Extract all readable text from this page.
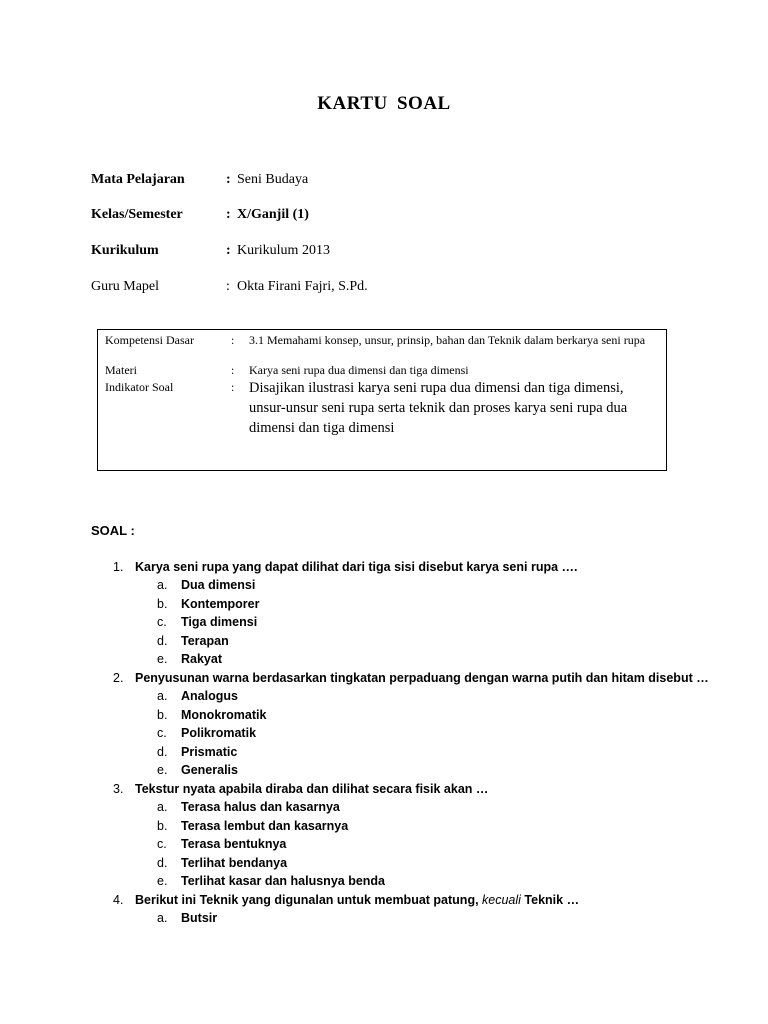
KARTU SOAL
Mata Pelajaran	: Seni Budaya
Kelas/Semester	: X/Ganjil (1)
Kurikulum	: Kurikulum 2013
Guru Mapel	: Okta Firani Fajri, S.Pd.
Kompetensi Dasar	: 3.1 Memahami konsep, unsur, prinsip, bahan dan Teknik dalam berkarya seni rupa
Materi	: Karya seni rupa dua dimensi dan tiga dimensi
Indikator Soal	: Disajikan ilustrasi karya seni rupa dua dimensi dan tiga dimensi, unsur-unsur seni rupa serta teknik dan proses karya seni rupa dua dimensi dan tiga dimensi
SOAL :
1. Karya seni rupa yang dapat dilihat dari tiga sisi disebut karya seni rupa ….
a. Dua dimensi
b. Kontemporer
c. Tiga dimensi
d. Terapan
e. Rakyat
2. Penyusunan warna berdasarkan tingkatan perpaduang dengan warna putih dan hitam disebut …
a. Analogus
b. Monokromatik
c. Polikromatik
d. Prismatic
e. Generalis
3. Tekstur nyata apabila diraba dan dilihat secara fisik akan …
a. Terasa halus dan kasarnya
b. Terasa lembut dan kasarnya
c. Terasa bentuknya
d. Terlihat bendanya
e. Terlihat kasar dan halusnya benda
4. Berikut ini Teknik yang digunalan untuk membuat patung, kecuali Teknik …
a. Butsir
